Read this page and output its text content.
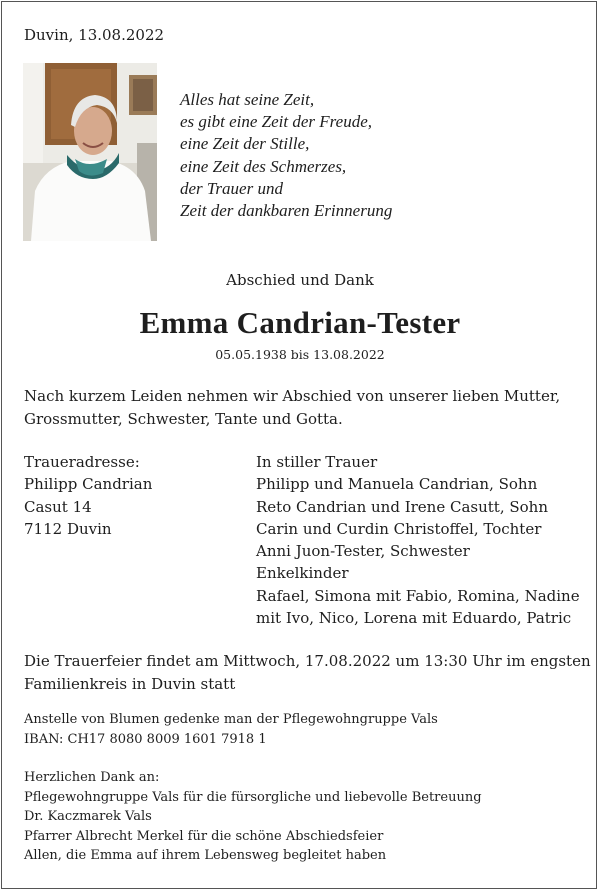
Duvin, 13.08.2022
Alles hat seine Zeit,
es gibt eine Zeit der Freude,
eine Zeit der Stille,
eine Zeit des Schmerzes,
der Trauer und
Zeit der dankbaren Erinnerung
Abschied und Dank
Emma Candrian-Tester
05.05.1938 bis 13.08.2022
Nach kurzem Leiden nehmen wir Abschied von unserer lieben Mutter,
Grossmutter, Schwester, Tante und Gotta.
Traueradresse:
Philipp Candrian
Casut 14
7112 Duvin
In stiller Trauer
Philipp und Manuela Candrian, Sohn
Reto Candrian und Irene Casutt, Sohn
Carin und Curdin Christoffel, Tochter
Anni Juon-Tester, Schwester
Enkelkinder
Rafael, Simona mit Fabio, Romina, Nadine
mit Ivo, Nico, Lorena mit Eduardo, Patric
Die Trauerfeier findet am Mittwoch, 17.08.2022 um 13:30 Uhr im engsten
Familienkreis in Duvin statt
Anstelle von Blumen gedenke man der Pflegewohngruppe Vals
IBAN: CH17 8080 8009 1601 7918 1
Herzlichen Dank an:
Pflegewohngruppe Vals für die fürsorgliche und liebevolle Betreuung
Dr. Kaczmarek Vals
Pfarrer Albrecht Merkel für die schöne Abschiedsfeier
Allen, die Emma auf ihrem Lebensweg begleitet haben
